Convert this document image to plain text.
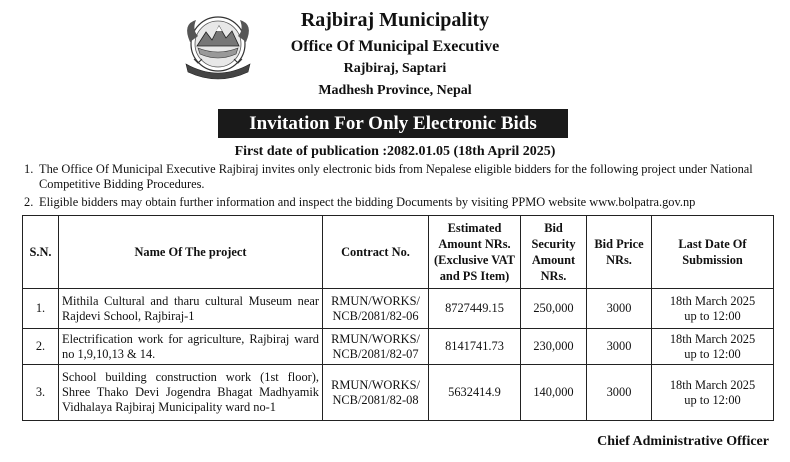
Rajbiraj Municipality
Office Of Municipal Executive
Rajbiraj, Saptari
Madhesh Province, Nepal
Invitation For Only Electronic Bids
First date of publication :2082.01.05 (18th April 2025)
1. The Office Of Municipal Executive Rajbiraj invites only electronic bids from Nepalese eligible bidders for the following project under National Competitive Bidding Procedures.
2. Eligible bidders may obtain further information and inspect the bidding Documents by visiting PPMO website www.bolpatra.gov.np
S.N.	Name Of The project	Contract No.	Estimated Amount NRs. (Exclusive VAT and PS Item)	Bid Security Amount NRs.	Bid Price NRs.	Last Date Of Submission
1.	Mithila Cultural and tharu cultural Museum near Rajdevi School, Rajbiraj-1	RMUN/WORKS/
NCB/2081/82-06	8727449.15	250,000	3000	18th March 2025
up to 12:00
2.	Electrification work for agriculture, Rajbiraj ward no 1,9,10,13 & 14.	RMUN/WORKS/
NCB/2081/82-07	8141741.73	230,000	3000	18th March 2025
up to 12:00
3.	School building construction work (1st floor), Shree Thako Devi Jogendra Bhagat Madhyamik Vidhalaya Rajbiraj Municipality ward no-1	RMUN/WORKS/
NCB/2081/82-08	5632414.9	140,000	3000	18th March 2025
up to 12:00
Chief Administrative Officer
